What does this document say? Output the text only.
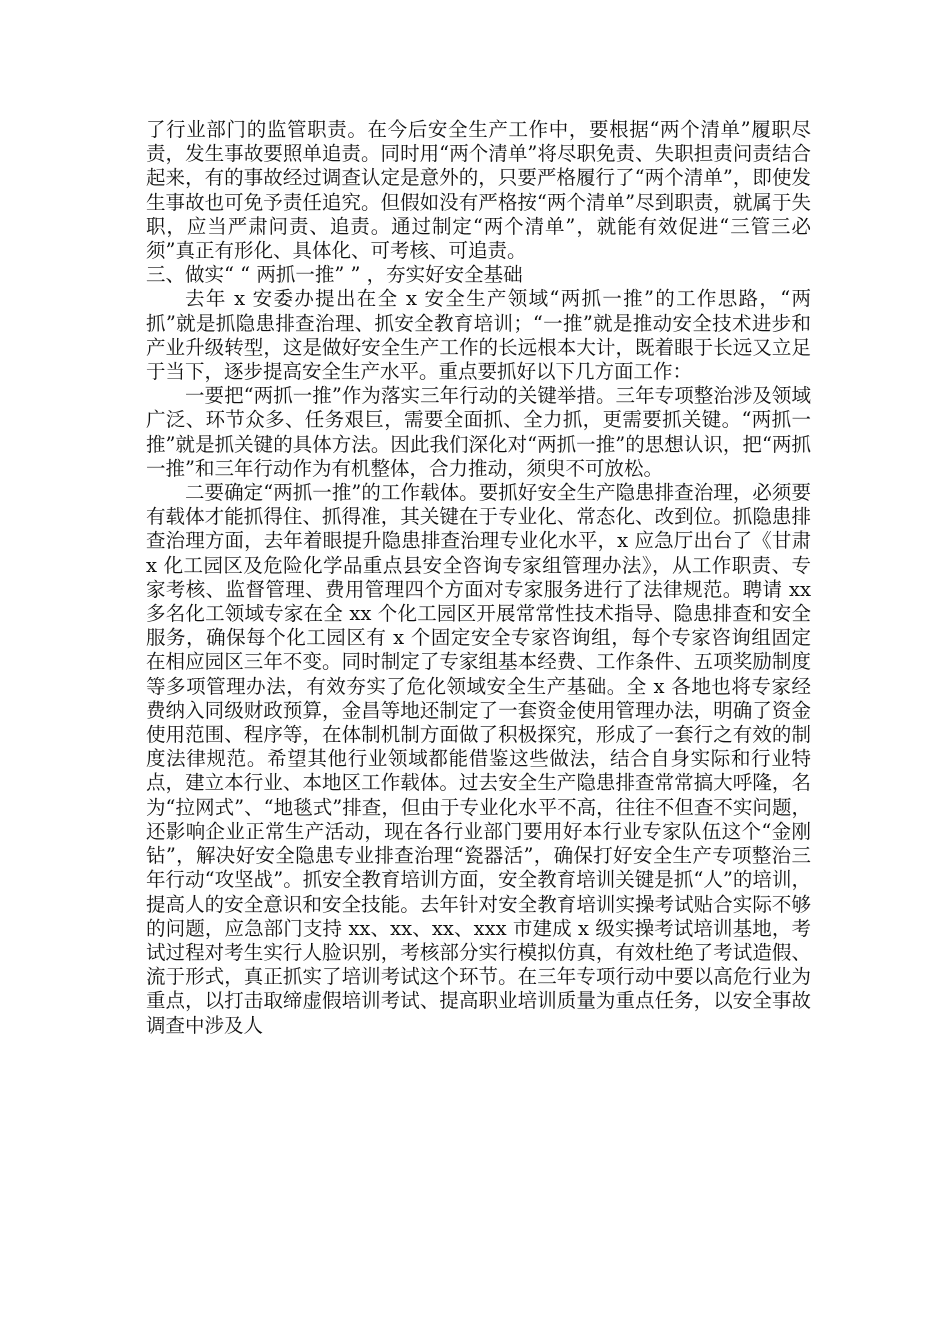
了行业部门的监管职责。在今后安全生产工作中，要根据“两个清单”履职尽责，发生事故要照单追责。同时用“两个清单”将尽职免责、失职担责问责结合起来，有的事故经过调查认定是意外的，只要严格履行了“两个清单”，即使发生事故也可免予责任追究。但假如没有严格按“两个清单”尽到职责，就属于失职，应当严肃问责、追责。通过制定“两个清单”，就能有效促进“三管三必须”真正有形化、具体化、可考核、可追责。

三、做实“ “ 两抓一推” ” ，夯实好安全基础

去年 x 安委办提出在全 x 安全生产领域“两抓一推”的工作思路，“两抓”就是抓隐患排查治理、抓安全教育培训；“一推”就是推动安全技术进步和产业升级转型，这是做好安全生产工作的长远根本大计，既着眼于长远又立足于当下，逐步提高安全生产水平。重点要抓好以下几方面工作：

一要把“两抓一推”作为落实三年行动的关键举措。三年专项整治涉及领域广泛、环节众多、任务艰巨，需要全面抓、全力抓，更需要抓关键。“两抓一推”就是抓关键的具体方法。因此我们深化对“两抓一推”的思想认识，把“两抓一推”和三年行动作为有机整体，合力推动，须臾不可放松。

二要确定“两抓一推”的工作载体。要抓好安全生产隐患排查治理，必须要有载体才能抓得住、抓得准，其关键在于专业化、常态化、改到位。抓隐患排查治理方面，去年着眼提升隐患排查治理专业化水平，x 应急厅出台了《甘肃 x 化工园区及危险化学品重点县安全咨询专家组管理办法》，从工作职责、专家考核、监督管理、费用管理四个方面对专家服务进行了法律规范。聘请 xx 多名化工领域专家在全 xx 个化工园区开展常常性技术指导、隐患排查和安全服务，确保每个化工园区有 x 个固定安全专家咨询组，每个专家咨询组固定在相应园区三年不变。同时制定了专家组基本经费、工作条件、五项奖励制度等多项管理办法，有效夯实了危化领域安全生产基础。全 x 各地也将专家经费纳入同级财政预算，金昌等地还制定了一套资金使用管理办法，明确了资金使用范围、程序等，在体制机制方面做了积极探究，形成了一套行之有效的制度法律规范。希望其他行业领域都能借鉴这些做法，结合自身实际和行业特点，建立本行业、本地区工作载体。过去安全生产隐患排查常常搞大呼隆，名为“拉网式”、“地毯式”排查，但由于专业化水平不高，往往不但查不实问题，还影响企业正常生产活动，现在各行业部门要用好本行业专家队伍这个“金刚钻”，解决好安全隐患专业排查治理“瓷器活”，确保打好安全生产专项整治三年行动“攻坚战”。抓安全教育培训方面，安全教育培训关键是抓“人”的培训，提高人的安全意识和安全技能。去年针对安全教育培训实操考试贴合实际不够的问题，应急部门支持 xx、xx、xx、xxx 市建成 x 级实操考试培训基地，考试过程对考生实行人脸识别，考核部分实行模拟仿真，有效杜绝了考试造假、流于形式，真正抓实了培训考试这个环节。在三年专项行动中要以高危行业为重点，以打击取缔虚假培训考试、提高职业培训质量为重点任务，以安全事故调查中涉及人
